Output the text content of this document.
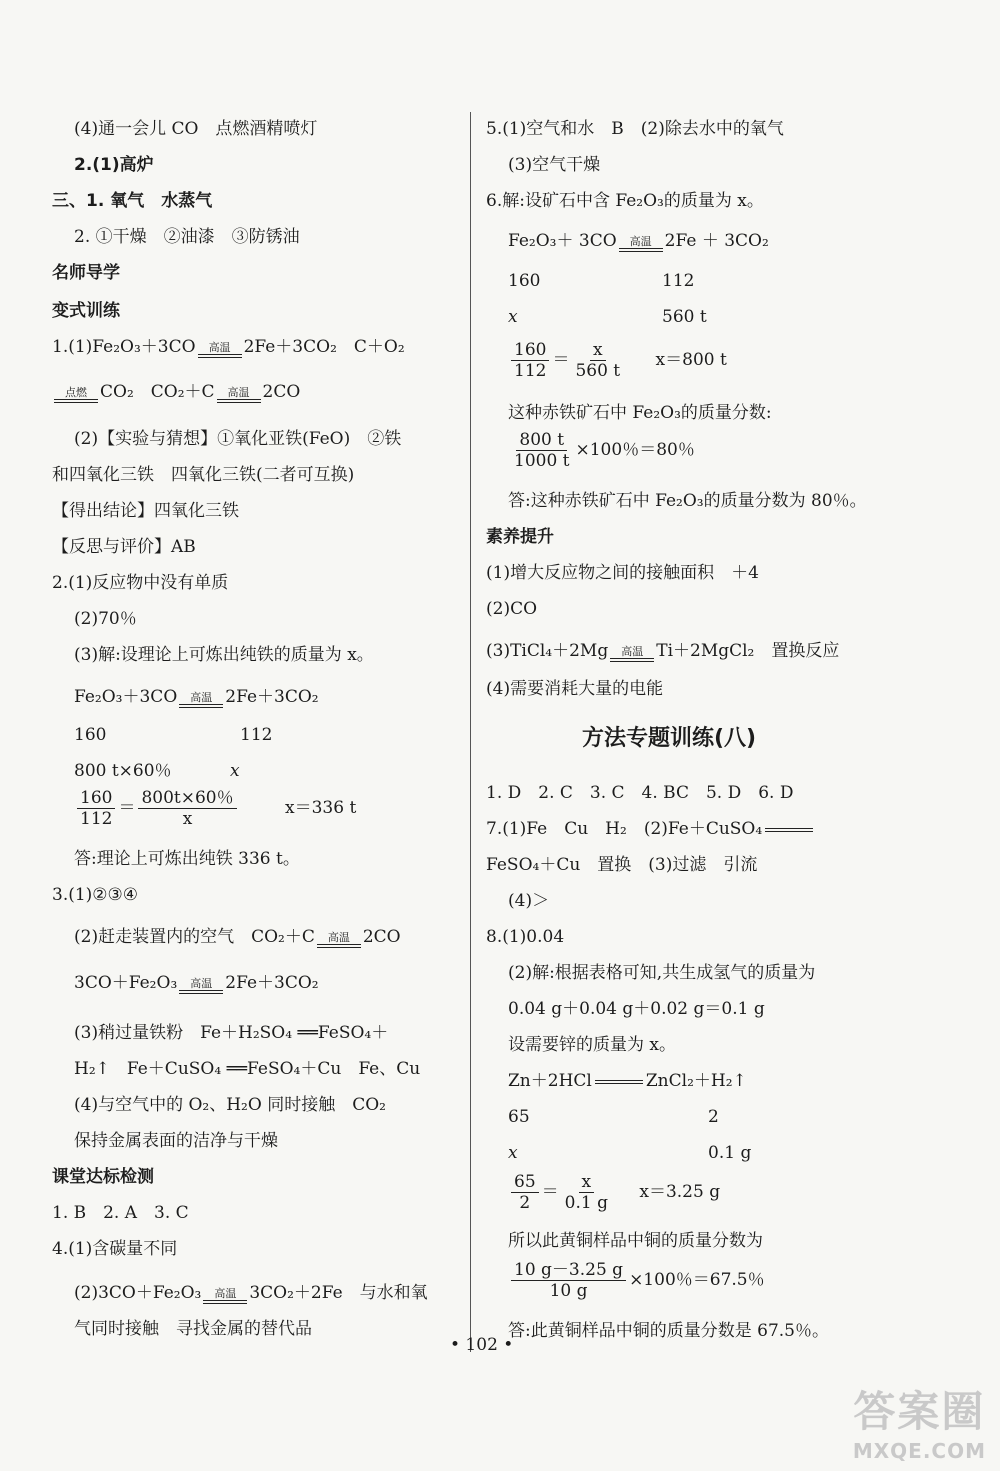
(4)通一会儿 CO　点燃酒精喷灯
2.(1)高炉
三、1. 氧气　水蒸气
2. ①干燥　②油漆　③防锈油
名师导学
变式训练
1.(1)Fe₂O₃＋3CO 高温 2Fe＋3CO₂　C＋O₂
点燃 CO₂　CO₂＋C 高温 2CO
(2)【实验与猜想】①氧化亚铁(FeO)　②铁
和四氧化三铁　四氧化三铁(二者可互换)
【得出结论】四氧化三铁
【反思与评价】AB
2.(1)反应物中没有单质
(2)70％
(3)解:设理论上可炼出纯铁的质量为 x。
Fe₂O₃＋3CO 高温 2Fe＋3CO₂
160	112
800 t×60％	x
$\frac{160}{112} = \frac{800t\times 60\%}{x}$	x＝336 t
答:理论上可炼出纯铁 336 t。
3.(1)②③④
(2)赶走装置内的空气　CO₂＋C 高温 2CO
3CO＋Fe₂O₃ 高温 2Fe＋3CO₂
(3)稍过量铁粉　Fe＋H₂SO₄ ══FeSO₄＋
H₂↑　Fe＋CuSO₄ ══FeSO₄＋Cu　Fe、Cu
(4)与空气中的 O₂、H₂O 同时接触　CO₂
保持金属表面的洁净与干燥
课堂达标检测
1. B　2. A　3. C
4.(1)含碳量不同
(2)3CO＋Fe₂O₃ 高温 3CO₂＋2Fe　与水和氧
气同时接触　寻找金属的替代品
5.(1)空气和水　B　(2)除去水中的氧气
(3)空气干燥
6.解:设矿石中含 Fe₂O₃的质量为 x。
Fe₂O₃＋ 3CO 高温 2Fe ＋ 3CO₂
160	112
x	560 t
$\frac{160}{112} = \frac{x}{560 t} x=800$ t
这种赤铁矿石中 Fe₂O₃的质量分数:
$\frac{800 t}{1000 t} \times 100$％＝80％
答:这种赤铁矿石中 Fe₂O₃的质量分数为 80％。
素养提升
(1)增大反应物之间的接触面积　＋4
(2)CO
(3)TiCl₄＋2Mg 高温 Ti＋2MgCl₂　置换反应
(4)需要消耗大量的电能
方法专题训练(八)
1. D　2. C　3. C　4. BC　5. D　6. D
7.(1)Fe　Cu　H₂　(2)Fe＋CuSO₄
FeSO₄＋Cu　置换　(3)过滤　引流
(4)＞
8.(1)0.04
(2)解:根据表格可知,共生成氢气的质量为
0.04 g＋0.04 g＋0.02 g＝0.1 g
设需要锌的质量为 x。
Zn＋2HCl	ZnCl₂＋H₂↑
65	2
x	0.1 g
$\frac{65}{2} = \frac{x}{0.1 g} x=3.25$ g
所以此黄铜样品中铜的质量分数为
$\frac{10 g-3.25 g}{10 g} \times 100$％＝67.5％
答:此黄铜样品中铜的质量分数是 67.5％。
• 102 •
答案圈
MXQE.COM
